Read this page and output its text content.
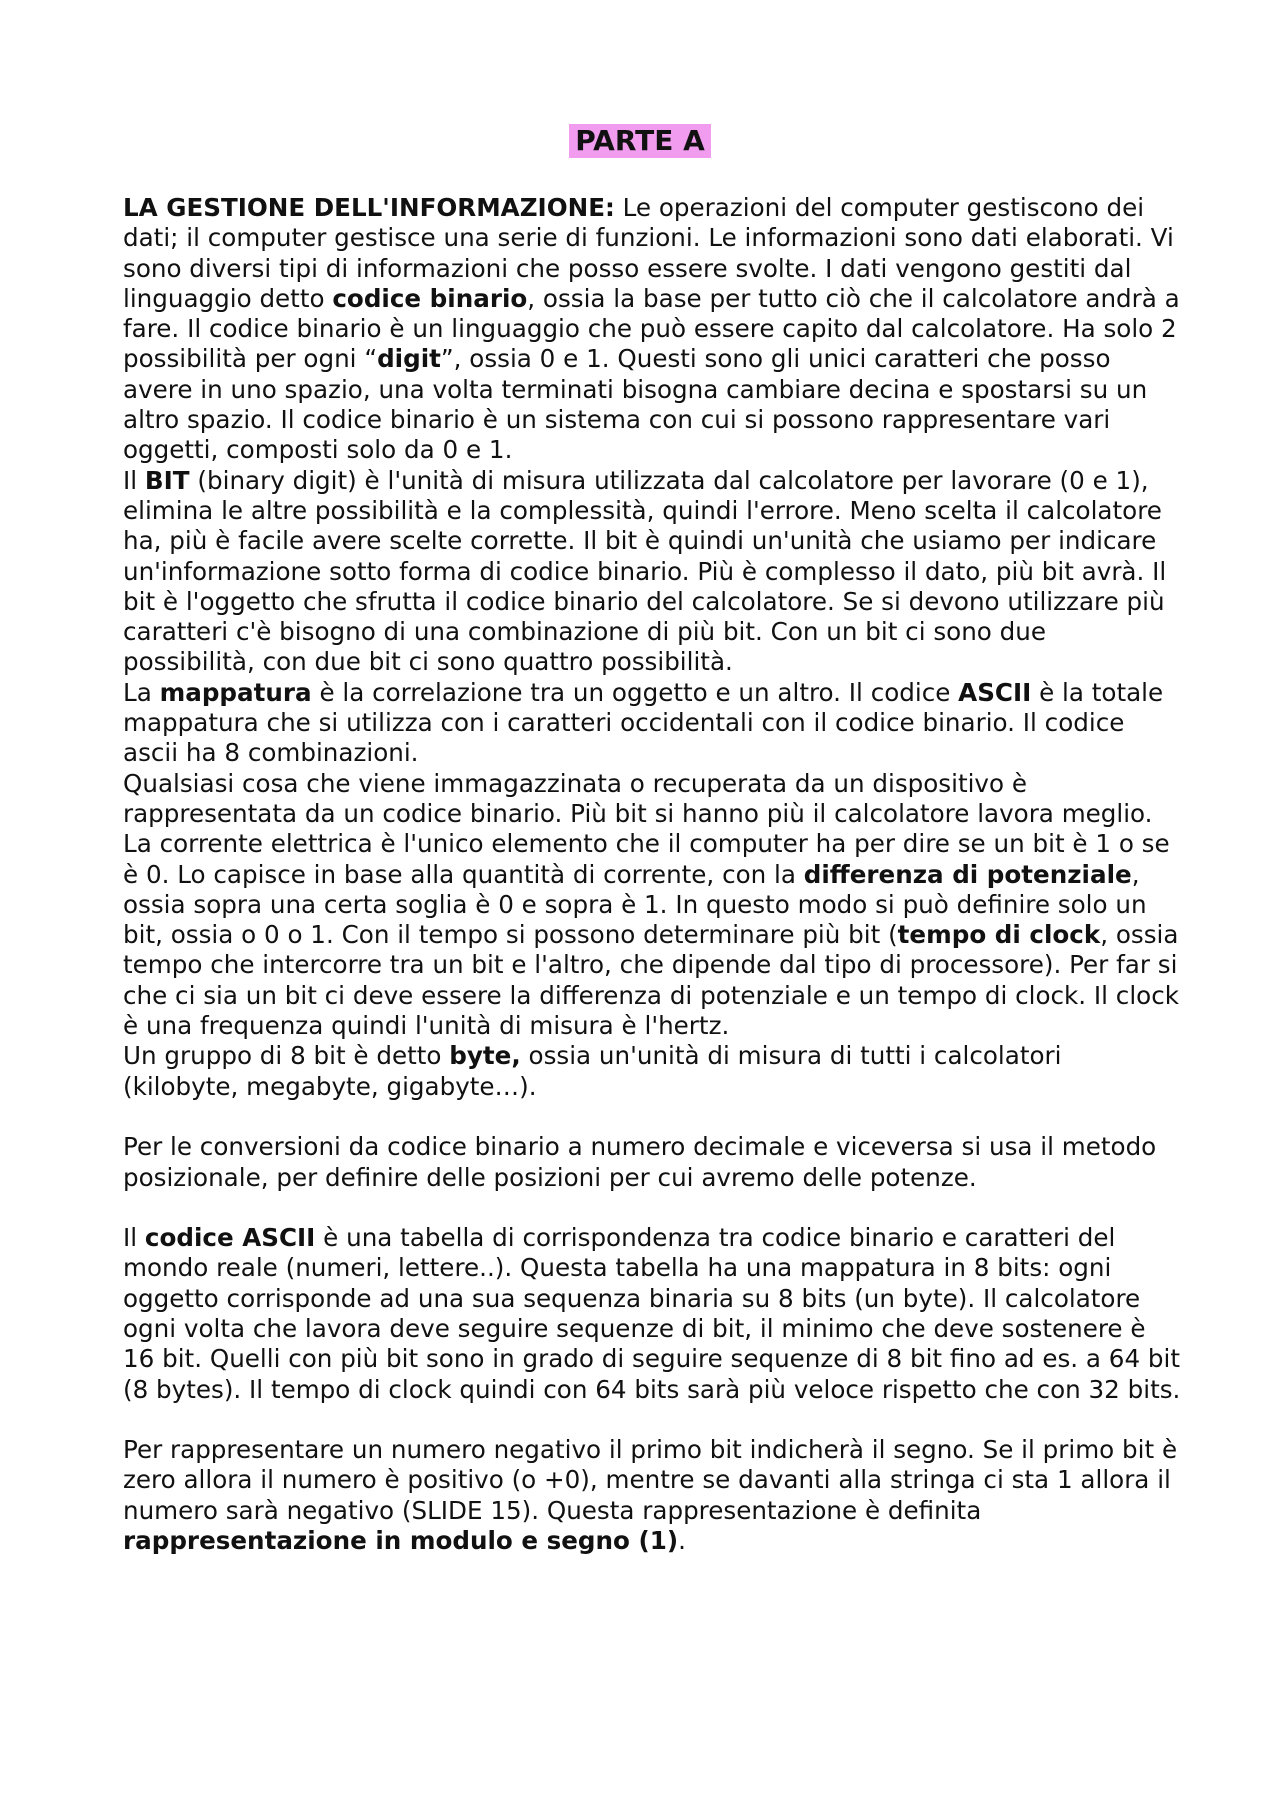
PARTE A

LA GESTIONE DELL'INFORMAZIONE: Le operazioni del computer gestiscono dei dati; il computer gestisce una serie di funzioni. Le informazioni sono dati elaborati. Vi sono diversi tipi di informazioni che posso essere svolte. I dati vengono gestiti dal linguaggio detto codice binario, ossia la base per tutto ciò che il calcolatore andrà a fare. Il codice binario è un linguaggio che può essere capito dal calcolatore. Ha solo 2 possibilità per ogni “digit”, ossia 0 e 1. Questi sono gli unici caratteri che posso avere in uno spazio, una volta terminati bisogna cambiare decina e spostarsi su un altro spazio. Il codice binario è un sistema con cui si possono rappresentare vari oggetti, composti solo da 0 e 1.

Il BIT (binary digit) è l'unità di misura utilizzata dal calcolatore per lavorare (0 e 1), elimina le altre possibilità e la complessità, quindi l'errore. Meno scelta il calcolatore ha, più è facile avere scelte corrette. Il bit è quindi un'unità che usiamo per indicare un'informazione sotto forma di codice binario. Più è complesso il dato, più bit avrà. Il bit è l'oggetto che sfrutta il codice binario del calcolatore. Se si devono utilizzare più caratteri c'è bisogno di una combinazione di più bit. Con un bit ci sono due possibilità, con due bit ci sono quattro possibilità.

La mappatura è la correlazione tra un oggetto e un altro. Il codice ASCII è la totale mappatura che si utilizza con i caratteri occidentali con il codice binario. Il codice ascii ha 8 combinazioni.

Qualsiasi cosa che viene immagazzinata o recuperata da un dispositivo è rappresentata da un codice binario. Più bit si hanno più il calcolatore lavora meglio.

La corrente elettrica è l'unico elemento che il computer ha per dire se un bit è 1 o se è 0. Lo capisce in base alla quantità di corrente, con la differenza di potenziale, ossia sopra una certa soglia è 0 e sopra è 1. In questo modo si può definire solo un bit, ossia o 0 o 1. Con il tempo si possono determinare più bit (tempo di clock, ossia tempo che intercorre tra un bit e l'altro, che dipende dal tipo di processore). Per far si che ci sia un bit ci deve essere la differenza di potenziale e un tempo di clock. Il clock è una frequenza quindi l'unità di misura è l'hertz.

Un gruppo di 8 bit è detto byte, ossia un'unità di misura di tutti i calcolatori (kilobyte, megabyte, gigabyte…).

Per le conversioni da codice binario a numero decimale e viceversa si usa il metodo posizionale, per definire delle posizioni per cui avremo delle potenze.

Il codice ASCII è una tabella di corrispondenza tra codice binario e caratteri del mondo reale (numeri, lettere..). Questa tabella ha una mappatura in 8 bits: ogni oggetto corrisponde ad una sua sequenza binaria su 8 bits (un byte). Il calcolatore ogni volta che lavora deve seguire sequenze di bit, il minimo che deve sostenere è 16 bit. Quelli con più bit sono in grado di seguire sequenze di 8 bit fino ad es. a 64 bit (8 bytes). Il tempo di clock quindi con 64 bits sarà più veloce rispetto che con 32 bits.

Per rappresentare un numero negativo il primo bit indicherà il segno. Se il primo bit è zero allora il numero è positivo (o +0), mentre se davanti alla stringa ci sta 1 allora il numero sarà negativo (SLIDE 15). Questa rappresentazione è definita rappresentazione in modulo e segno (1).
